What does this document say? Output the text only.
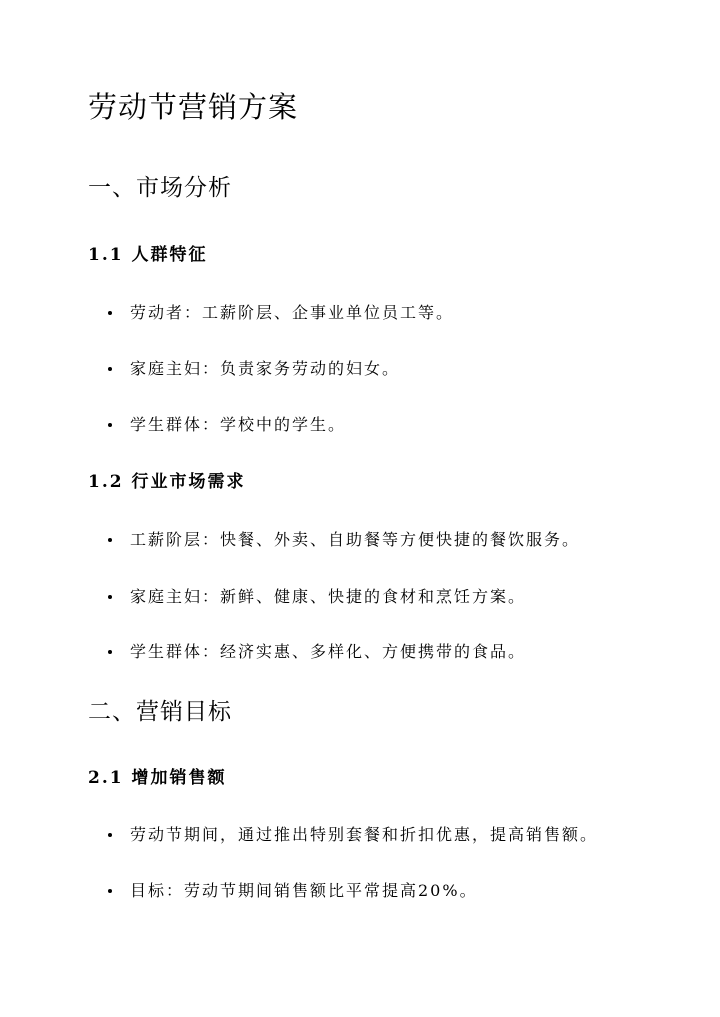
劳动节营销方案
一、市场分析
1.1 人群特征
劳动者：工薪阶层、企事业单位员工等。
家庭主妇：负责家务劳动的妇女。
学生群体：学校中的学生。
1.2 行业市场需求
工薪阶层：快餐、外卖、自助餐等方便快捷的餐饮服务。
家庭主妇：新鲜、健康、快捷的食材和烹饪方案。
学生群体：经济实惠、多样化、方便携带的食品。
二、营销目标
2.1 增加销售额
劳动节期间，通过推出特别套餐和折扣优惠，提高销售额。
目标：劳动节期间销售额比平常提高20%。
